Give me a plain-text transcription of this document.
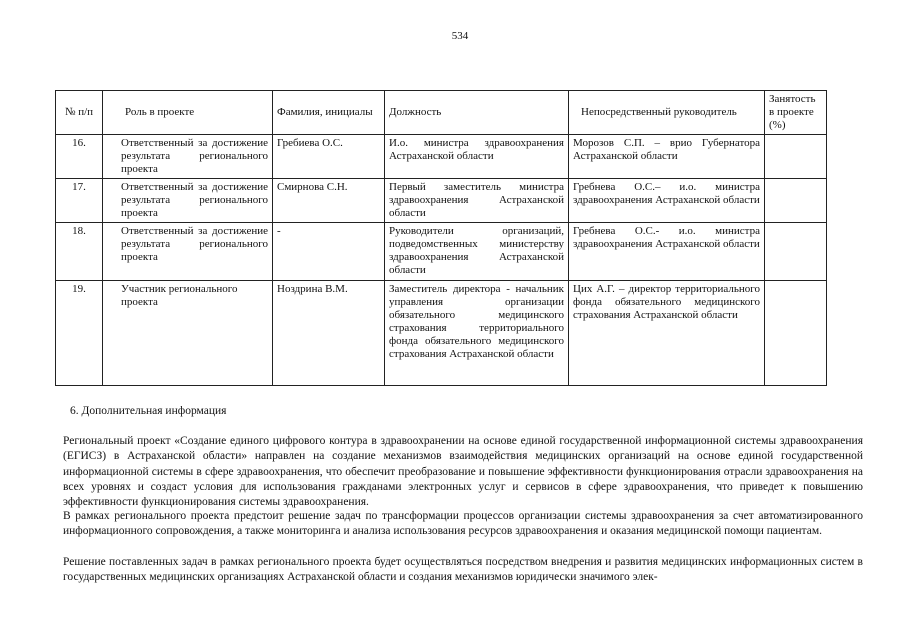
534
№ п/п	Роль в проекте	Фамилия, инициалы	Должность	Непосредственный руководитель	Занятость в проекте (%)
16.	Ответственный за достижение результата регионального проекта	Гребиева О.С.	И.о. министра здравоохранения Астраханской области	Морозов С.П. – врио Губернатора Астраханской области	
17.	Ответственный за достижение результата регионального проекта	Смирнова С.Н.	Первый заместитель министра здравоохранения Астраханской области	Гребнева О.С.– и.о. министра здравоохранения Астраханской области	
18.	Ответственный за достижение результата регионального проекта	-	Руководители организаций, подведомственных министерству здравоохранения Астраханской области	Гребнева О.С.- и.о. министра здравоохранения Астраханской области	
19.	Участник регионального проекта	Ноздрина В.М.	Заместитель директора - начальник управления организации обязательного медицинского страхования территориального фонда обязательного медицинского страхования Астраханской области	Цих А.Г. – директор территориального фонда обязательного медицинского страхования Астраханской области	
6. Дополнительная информация

Региональный проект «Создание единого цифрового контура в здравоохранении на основе единой государственной информационной системы здравоохранения (ЕГИСЗ) в Астраханской области» направлен на создание механизмов взаимодействия медицинских организаций на основе единой государственной информационной системы в сфере здравоохранения, что обеспечит преобразование и повышение эффективности функционирования отрасли здравоохранения на всех уровнях и создаст условия для использования гражданами электронных услуг и сервисов в сфере здравоохранения, что приведет к повышению эффективности функционирования системы здравоохранения.

В рамках регионального проекта предстоит решение задач по трансформации процессов организации системы здравоохранения за счет автоматизированного информационного сопровождения, а также мониторинга и анализа использования ресурсов здравоохранения и оказания медицинской помощи пациентам.

Решение поставленных задач в рамках регионального проекта будет осуществляться посредством внедрения и развития медицинских информационных систем в государственных медицинских организациях Астраханской области и создания механизмов юридически значимого элек-
